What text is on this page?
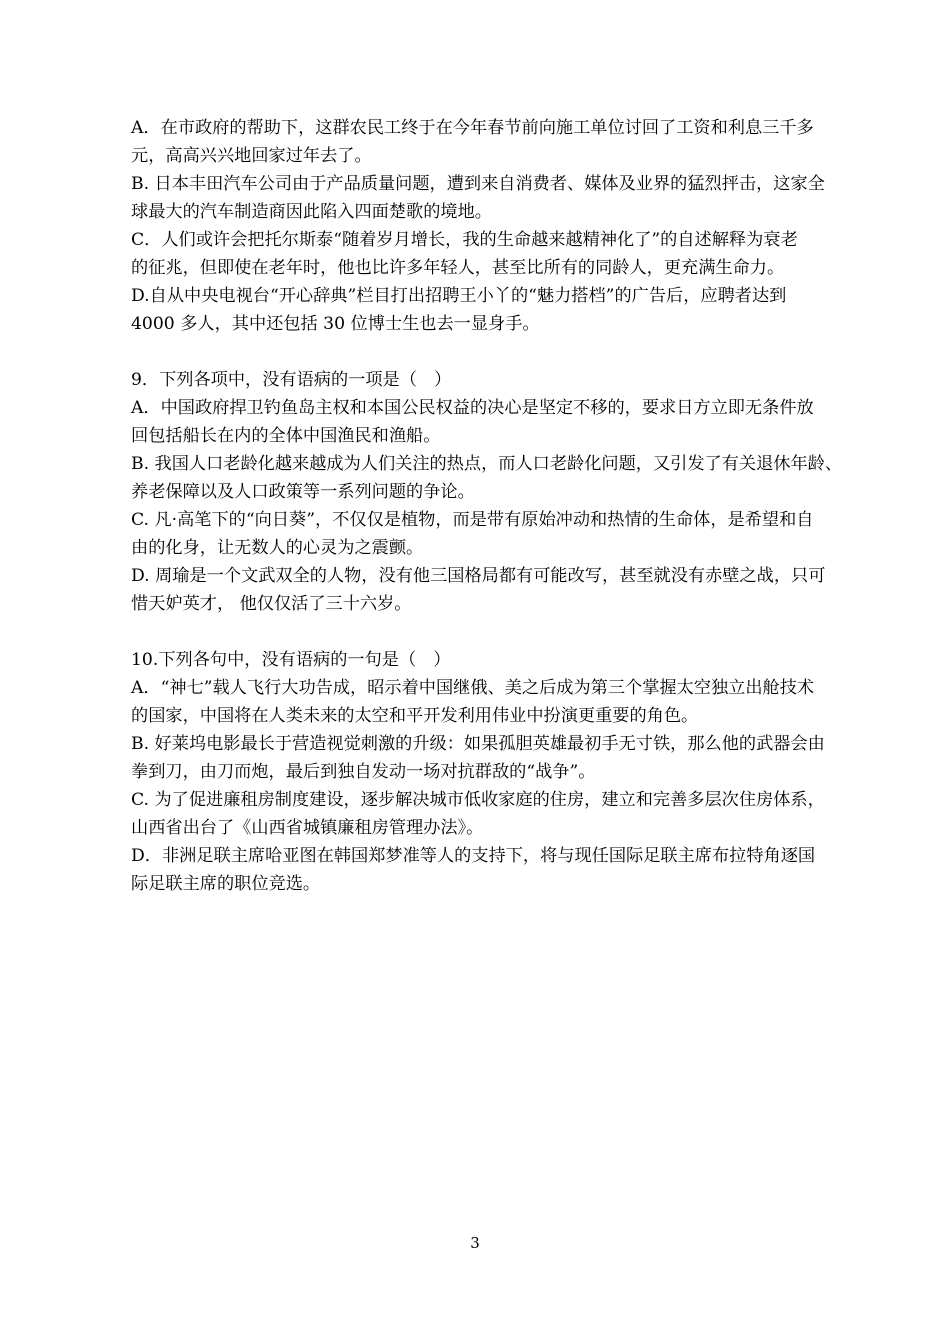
A．在市政府的帮助下，这群农民工终于在今年春节前向施工单位讨回了工资和利息三千多
元，高高兴兴地回家过年去了。
B. 日本丰田汽车公司由于产品质量问题，遭到来自消费者、媒体及业界的猛烈抨击，这家全
球最大的汽车制造商因此陷入四面楚歌的境地。
C．人们或许会把托尔斯泰“随着岁月增长，我的生命越来越精神化了”的自述解释为衰老
的征兆，但即使在老年时，他也比许多年轻人，甚至比所有的同龄人，更充满生命力。
D.自从中央电视台“开心辞典”栏目打出招聘王小丫的“魅力搭档”的广告后，应聘者达到
4000 多人，其中还包括 30 位博士生也去一显身手。
9．下列各项中，没有语病的一项是（　）
A．中国政府捍卫钓鱼岛主权和本国公民权益的决心是坚定不移的，要求日方立即无条件放
回包括船长在内的全体中国渔民和渔船。
B. 我国人口老龄化越来越成为人们关注的热点，而人口老龄化问题，又引发了有关退休年龄、
养老保障以及人口政策等一系列问题的争论。
C. 凡·高笔下的“向日葵”，不仅仅是植物，而是带有原始冲动和热情的生命体，是希望和自
由的化身，让无数人的心灵为之震颤。
D. 周瑜是一个文武双全的人物，没有他三国格局都有可能改写，甚至就没有赤壁之战，只可
惜天妒英才， 他仅仅活了三十六岁。
10.下列各句中，没有语病的一句是（　）
A．“神七”载人飞行大功告成，昭示着中国继俄、美之后成为第三个掌握太空独立出舱技术
的国家，中国将在人类未来的太空和平开发利用伟业中扮演更重要的角色。
B. 好莱坞电影最长于营造视觉刺激的升级：如果孤胆英雄最初手无寸铁，那么他的武器会由
拳到刀，由刀而炮，最后到独自发动一场对抗群敌的“战争”。
C. 为了促进廉租房制度建设，逐步解决城市低收家庭的住房，建立和完善多层次住房体系，
山西省出台了《山西省城镇廉租房管理办法》。
D．非洲足联主席哈亚图在韩国郑梦准等人的支持下，将与现任国际足联主席布拉特角逐国
际足联主席的职位竞选。
3
